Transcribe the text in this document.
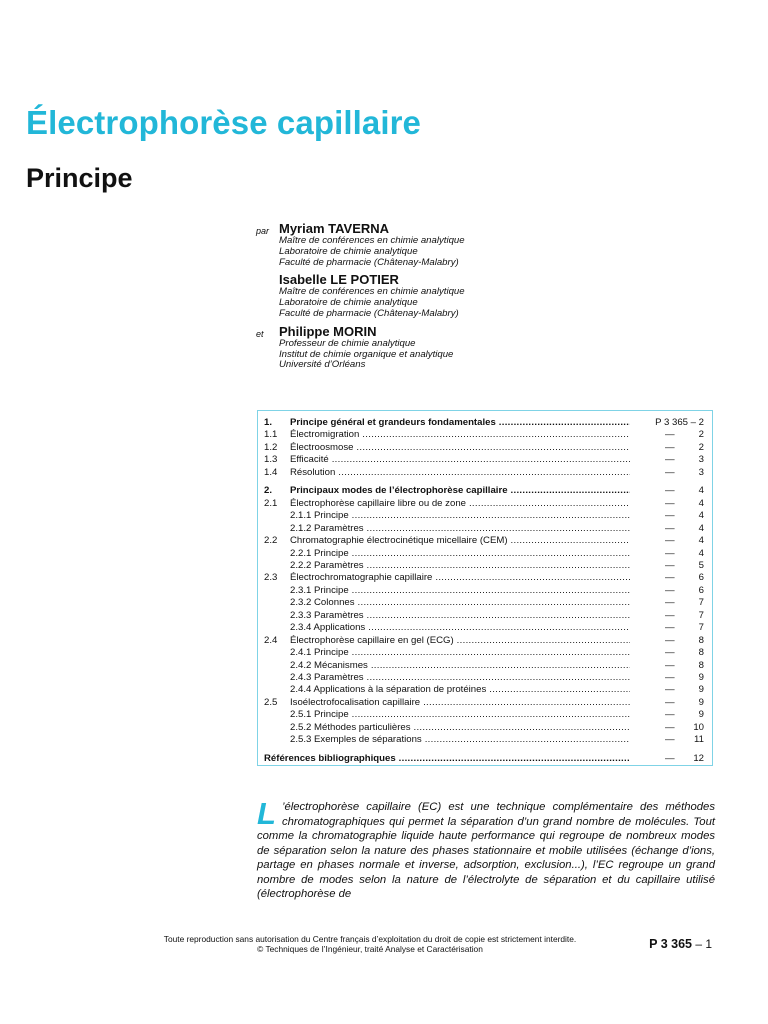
Électrophorèse capillaire
Principe
par Myriam TAVERNA
Maître de conférences en chimie analytique
Laboratoire de chimie analytique
Faculté de pharmacie (Châtenay-Malabry)
Isabelle LE POTIER
Maître de conférences en chimie analytique
Laboratoire de chimie analytique
Faculté de pharmacie (Châtenay-Malabry)
et Philippe MORIN
Professeur de chimie analytique
Institut de chimie organique et analytique
Université d’Orléans
1. Principe général et grandeurs fondamentales .....	P 3 365 – 2
1.1 Électromigration .....	—	2
1.2 Électroosmose .....	—	2
1.3 Efficacité .....	—	3
1.4 Résolution .....	—	3
2. Principaux modes de l’électrophorèse capillaire .....	—	4
2.1 Électrophorèse capillaire libre ou de zone .....	—	4
2.1.1 Principe .....	—	4
2.1.2 Paramètres .....	—	4
2.2 Chromatographie électrocinétique micellaire (CEM) .....	—	4
2.2.1 Principe .....	—	4
2.2.2 Paramètres .....	—	5
2.3 Électrochromatographie capillaire .....	—	6
2.3.1 Principe .....	—	6
2.3.2 Colonnes .....	—	7
2.3.3 Paramètres .....	—	7
2.3.4 Applications .....	—	7
2.4 Électrophorèse capillaire en gel (ECG) .....	—	8
2.4.1 Principe .....	—	8
2.4.2 Mécanismes .....	—	8
2.4.3 Paramètres .....	—	9
2.4.4 Applications à la séparation de protéines .....	—	9
2.5 Isoélectrofocalisation capillaire .....	—	9
2.5.1 Principe .....	—	9
2.5.2 Méthodes particulières .....	— 10
2.5.3 Exemples de séparations .....	— 11
Références bibliographiques .....	— 12
L ’électrophorèse capillaire (EC) est une technique complémentaire des méthodes chromatographiques qui permet la séparation d’un grand nombre de molécules. Tout comme la chromatographie liquide haute performance qui regroupe de nombreux modes de séparation selon la nature des phases stationnaire et mobile utilisées (échange d’ions, partage en phases normale et inverse, adsorption, exclusion...), l’EC regroupe un grand nombre de modes selon la nature de l’électrolyte de séparation et du capillaire utilisé (électrophorèse de
Toute reproduction sans autorisation du Centre français d’exploitation du droit de copie est strictement interdite.
© Techniques de l’Ingénieur, traité Analyse et Caractérisation	P 3 365 – 1
